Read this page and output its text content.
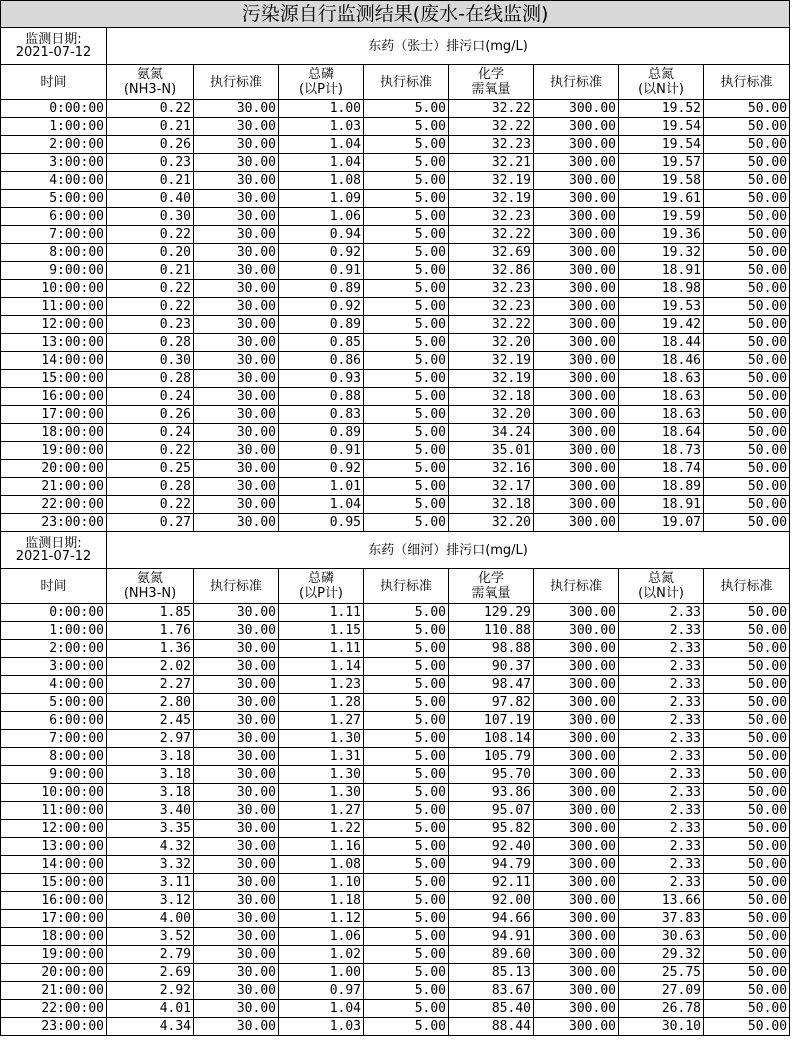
污染源自行监测结果(废水-在线监测)								

监测日期:
2021-07-12	东药（张士）排污口(mg/L)							

时间	氨氮
(NH3-N)	执行标准	总磷
(以P计)	执行标准	化学
需氧量	执行标准	总氮
(以N计)	执行标准

0:00:00	0.22	30.00	1.00	5.00	32.22	300.00	19.52	50.00
1:00:00	0.21	30.00	1.03	5.00	32.22	300.00	19.54	50.00
2:00:00	0.26	30.00	1.04	5.00	32.23	300.00	19.54	50.00
3:00:00	0.23	30.00	1.04	5.00	32.21	300.00	19.57	50.00
4:00:00	0.21	30.00	1.08	5.00	32.19	300.00	19.58	50.00
5:00:00	0.40	30.00	1.09	5.00	32.19	300.00	19.61	50.00
6:00:00	0.30	30.00	1.06	5.00	32.23	300.00	19.59	50.00
7:00:00	0.22	30.00	0.94	5.00	32.22	300.00	19.36	50.00
8:00:00	0.20	30.00	0.92	5.00	32.69	300.00	19.32	50.00
9:00:00	0.21	30.00	0.91	5.00	32.86	300.00	18.91	50.00
10:00:00	0.22	30.00	0.89	5.00	32.23	300.00	18.98	50.00
11:00:00	0.22	30.00	0.92	5.00	32.23	300.00	19.53	50.00
12:00:00	0.23	30.00	0.89	5.00	32.22	300.00	19.42	50.00
13:00:00	0.28	30.00	0.85	5.00	32.20	300.00	18.44	50.00
14:00:00	0.30	30.00	0.86	5.00	32.19	300.00	18.46	50.00
15:00:00	0.28	30.00	0.93	5.00	32.19	300.00	18.63	50.00
16:00:00	0.24	30.00	0.88	5.00	32.18	300.00	18.63	50.00
17:00:00	0.26	30.00	0.83	5.00	32.20	300.00	18.63	50.00
18:00:00	0.24	30.00	0.89	5.00	34.24	300.00	18.64	50.00
19:00:00	0.22	30.00	0.91	5.00	35.01	300.00	18.73	50.00
20:00:00	0.25	30.00	0.92	5.00	32.16	300.00	18.74	50.00
21:00:00	0.28	30.00	1.01	5.00	32.17	300.00	18.89	50.00
22:00:00	0.22	30.00	1.04	5.00	32.18	300.00	18.91	50.00
23:00:00	0.27	30.00	0.95	5.00	32.20	300.00	19.07	50.00

监测日期:
2021-07-12	东药（细河）排污口(mg/L)							

时间	氨氮
(NH3-N)	执行标准	总磷
(以P计)	执行标准	化学
需氧量	执行标准	总氮
(以N计)	执行标准

0:00:00	1.85	30.00	1.11	5.00	129.29	300.00	2.33	50.00
1:00:00	1.76	30.00	1.15	5.00	110.88	300.00	2.33	50.00
2:00:00	1.36	30.00	1.11	5.00	98.88	300.00	2.33	50.00
3:00:00	2.02	30.00	1.14	5.00	90.37	300.00	2.33	50.00
4:00:00	2.27	30.00	1.23	5.00	98.47	300.00	2.33	50.00
5:00:00	2.80	30.00	1.28	5.00	97.82	300.00	2.33	50.00
6:00:00	2.45	30.00	1.27	5.00	107.19	300.00	2.33	50.00
7:00:00	2.97	30.00	1.30	5.00	108.14	300.00	2.33	50.00
8:00:00	3.18	30.00	1.31	5.00	105.79	300.00	2.33	50.00
9:00:00	3.18	30.00	1.30	5.00	95.70	300.00	2.33	50.00
10:00:00	3.18	30.00	1.30	5.00	93.86	300.00	2.33	50.00
11:00:00	3.40	30.00	1.27	5.00	95.07	300.00	2.33	50.00
12:00:00	3.35	30.00	1.22	5.00	95.82	300.00	2.33	50.00
13:00:00	4.32	30.00	1.16	5.00	92.40	300.00	2.33	50.00
14:00:00	3.32	30.00	1.08	5.00	94.79	300.00	2.33	50.00
15:00:00	3.11	30.00	1.10	5.00	92.11	300.00	2.33	50.00
16:00:00	3.12	30.00	1.18	5.00	92.00	300.00	13.66	50.00
17:00:00	4.00	30.00	1.12	5.00	94.66	300.00	37.83	50.00
18:00:00	3.52	30.00	1.06	5.00	94.91	300.00	30.63	50.00
19:00:00	2.79	30.00	1.02	5.00	89.60	300.00	29.32	50.00
20:00:00	2.69	30.00	1.00	5.00	85.13	300.00	25.75	50.00
21:00:00	2.92	30.00	0.97	5.00	83.67	300.00	27.09	50.00
22:00:00	4.01	30.00	1.04	5.00	85.40	300.00	26.78	50.00
23:00:00	4.34	30.00	1.03	5.00	88.44	300.00	30.10	50.00
